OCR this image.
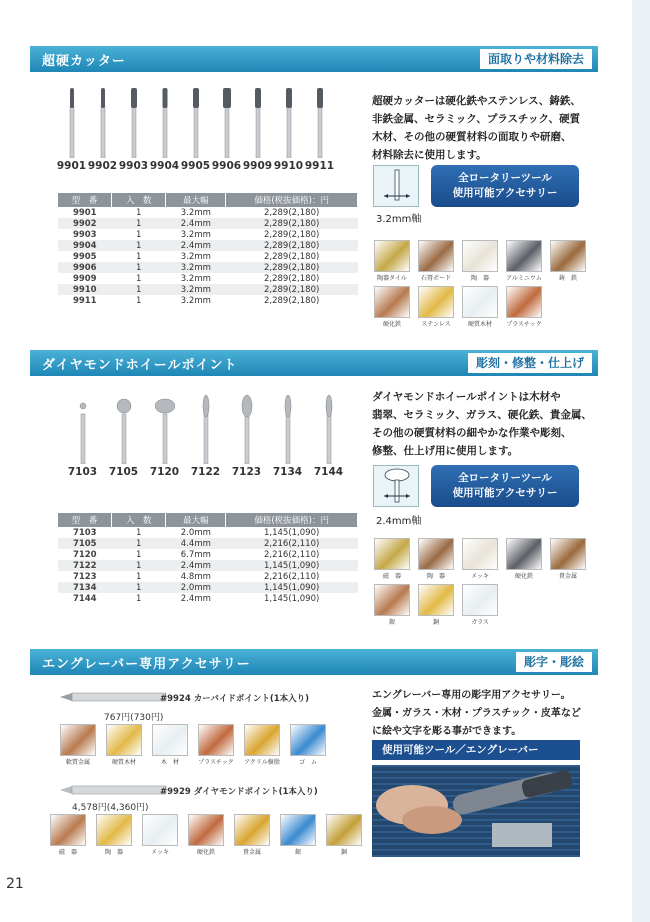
超硬カッター	面取りや材料除去
9901 9902 9903 9904 9905 9906 9909 9910 9911
型　番	入　数	最大幅	価格(税抜価格)：円
9901	1	3.2mm	2,289(2,180)
9902	1	2.4mm	2,289(2,180)
9903	1	3.2mm	2,289(2,180)
9904	1	2.4mm	2,289(2,180)
9905	1	3.2mm	2,289(2,180)
9906	1	3.2mm	2,289(2,180)
9909	1	3.2mm	2,289(2,180)
9910	1	3.2mm	2,289(2,180)
9911	1	3.2mm	2,289(2,180)
超硬カッターは硬化鉄やステンレス、鋳鉄、
非鉄金属、セラミック、プラスチック、硬質
木材、その他の硬質材料の面取りや研磨、
材料除去に使用します。
全ロータリーツール
使用可能アクセサリー
3.2mm軸
陶器タイル 石膏ボード	陶　器	アルミニウム	鋳　鉄
硬化鉄	ステンレス	硬質木材 プラスチック
ダイヤモンドホイールポイント	彫刻・修整・仕上げ
7103 7105 7120 7122 7123 7134 7144
型　番	入　数	最大幅	価格(税抜価格)：円
7103	1	2.0mm	1,145(1,090)
7105	1	4.4mm	2,216(2,110)
7120	1	6.7mm	2,216(2,110)
7122	1	2.4mm	1,145(1,090)
7123	1	4.8mm	2,216(2,110)
7134	1	2.0mm	1,145(1,090)
7144	1	2.4mm	1,145(1,090)
ダイヤモンドホイールポイントは木材や
翡翠、セラミック、ガラス、硬化鉄、貴金属、
その他の硬質材料の細やかな作業や彫刻、
修整、仕上げ用に使用します。
全ロータリーツール
使用可能アクセサリー
2.4mm軸
磁　器	陶　器	メッキ	硬化鉄	貴金属
銀	銅	ガラス
エングレーバー専用アクセサリー	彫字・彫絵
#9924 カーバイドポイント(1本入り)
767円(730円)
軟質金属	硬質木材	木　材	プラスチック アクリル樹脂	ゴ　ム
#9929 ダイヤモンドポイント(1本入り)
4,578円(4,360円)
磁　器	陶　器	メッキ	硬化鉄	貴金属	銀	銅
エングレーバー専用の彫字用アクセサリー。
金属・ガラス・木材・プラスチック・皮革など
に絵や文字を彫る事ができます。
使用可能ツール／エングレーバー
21
